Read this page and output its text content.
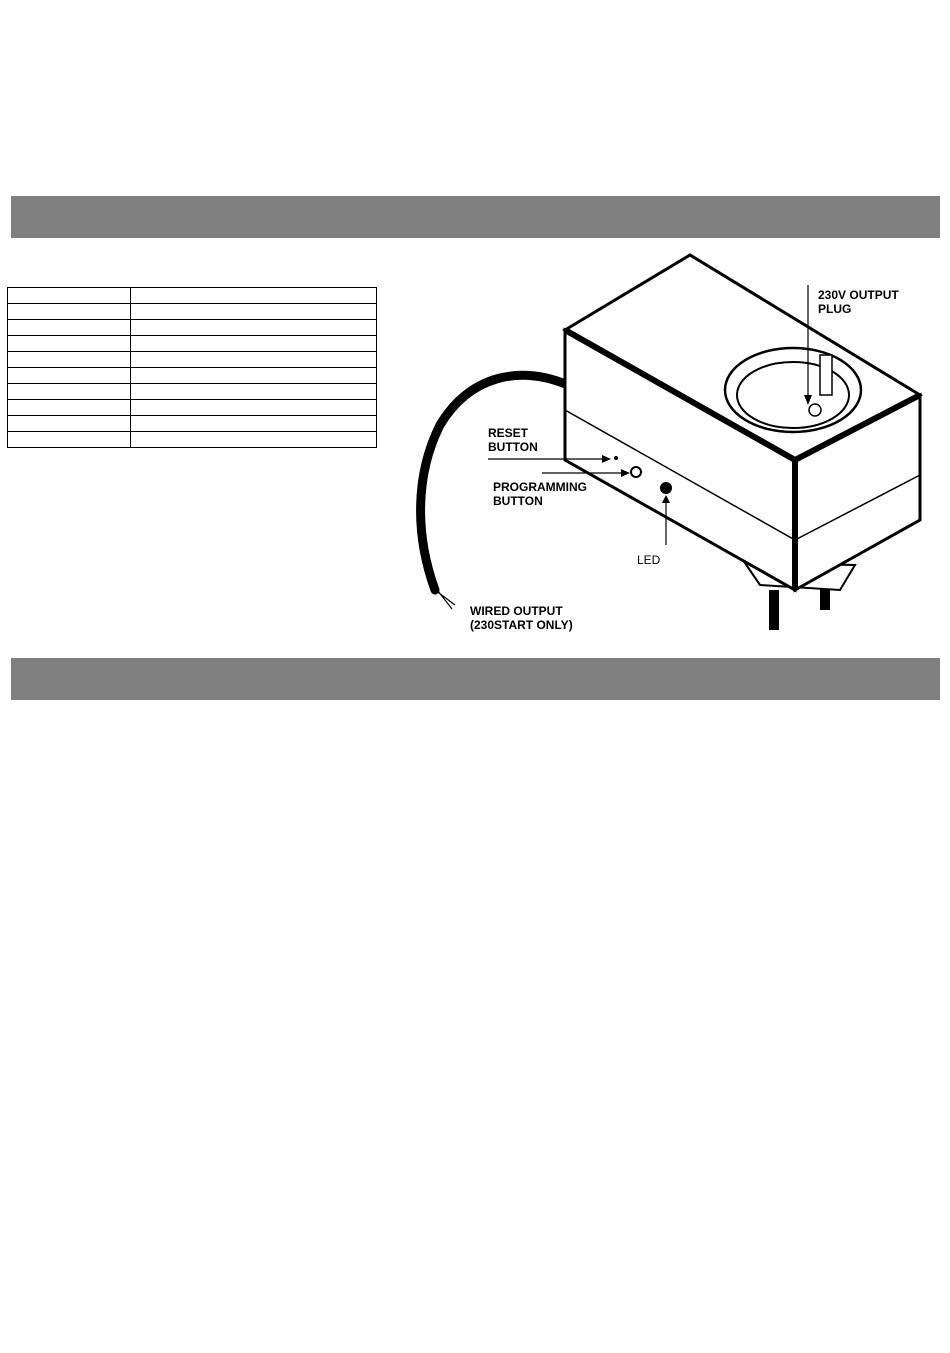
230V OUTPUT
PLUG
RESET
BUTTON
PROGRAMMING
BUTTON
LED
WIRED OUTPUT
(230START ONLY)
